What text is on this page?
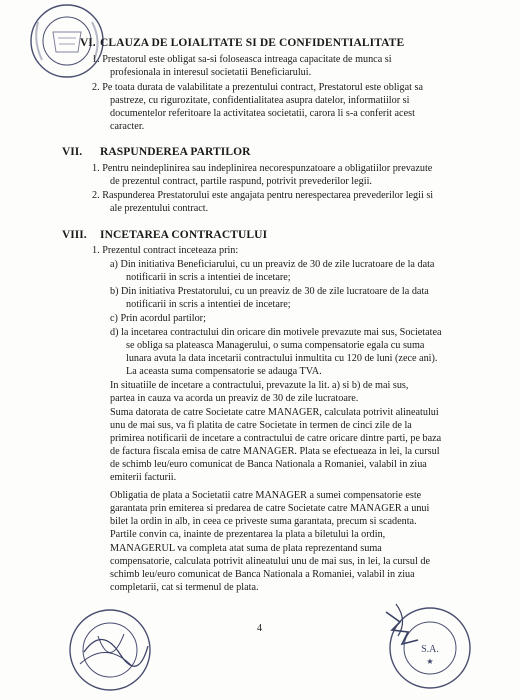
VI. CLAUZA DE LOIALITATE SI DE CONFIDENTIALITATE
1. Prestatorul este obligat sa-si foloseasca intreaga capacitate de munca si
profesionala in interesul societatii Beneficiarului.
2. Pe toata durata de valabilitate a prezentului contract, Prestatorul este obligat sa
pastreze, cu rigurozitate, confidentialitatea asupra datelor, informatiilor si
documentelor referitoare la activitatea societatii, carora li s-a conferit acest
caracter.
VII. RASPUNDEREA PARTILOR
1. Pentru neindeplinirea sau indeplinirea necorespunzatoare a obligatiilor prevazute
de prezentul contract, partile raspund, potrivit prevederilor legii.
2. Raspunderea Prestatorului este angajata pentru nerespectarea prevederilor legii si
ale prezentului contract.
VIII. INCETAREA CONTRACTULUI
1. Prezentul contract inceteaza prin:
a) Din initiativa Beneficiarului, cu un preaviz de 30 de zile lucratoare de la data
notificarii in scris a intentiei de incetare;
b) Din initiativa Prestatorului, cu un preaviz de 30 de zile lucratoare de la data
notificarii in scris a intentiei de incetare;
c) Prin acordul partilor;
d) la incetarea contractului din oricare din motivele prevazute mai sus, Societatea
se obliga sa plateasca Managerului, o suma compensatorie egala cu suma
lunara avuta la data incetarii contractului inmultita cu 120 de luni (zece ani).
La aceasta suma compensatorie se adauga TVA.
In situatiile de incetare a contractului, prevazute la lit. a) si b) de mai sus,
partea in cauza va acorda un preaviz de 30 de zile lucratoare.
Suma datorata de catre Societate catre MANAGER, calculata potrivit alineatului
unu de mai sus, va fi platita de catre Societate in termen de cinci zile de la
primirea notificarii de incetare a contractului de catre oricare dintre parti, pe baza
de factura fiscala emisa de catre MANAGER. Plata se efectueaza in lei, la cursul
de schimb leu/euro comunicat de Banca Nationala a Romaniei, valabil in ziua
emiterii facturii.
Obligatia de plata a Societatii catre MANAGER a sumei compensatorie este
garantata prin emiterea si predarea de catre Societate catre MANAGER a unui
bilet la ordin in alb, in ceea ce priveste suma garantata, precum si scadenta.
Partile convin ca, inainte de prezentarea la plata a biletului la ordin,
MANAGERUL va completa atat suma de plata reprezentand suma
compensatorie, calculata potrivit alineatului unu de mai sus, in lei, la cursul de
schimb leu/euro comunicat de Banca Nationala a Romaniei, valabil in ziua
completarii, cat si termenul de plata.
4
S.A.
★
